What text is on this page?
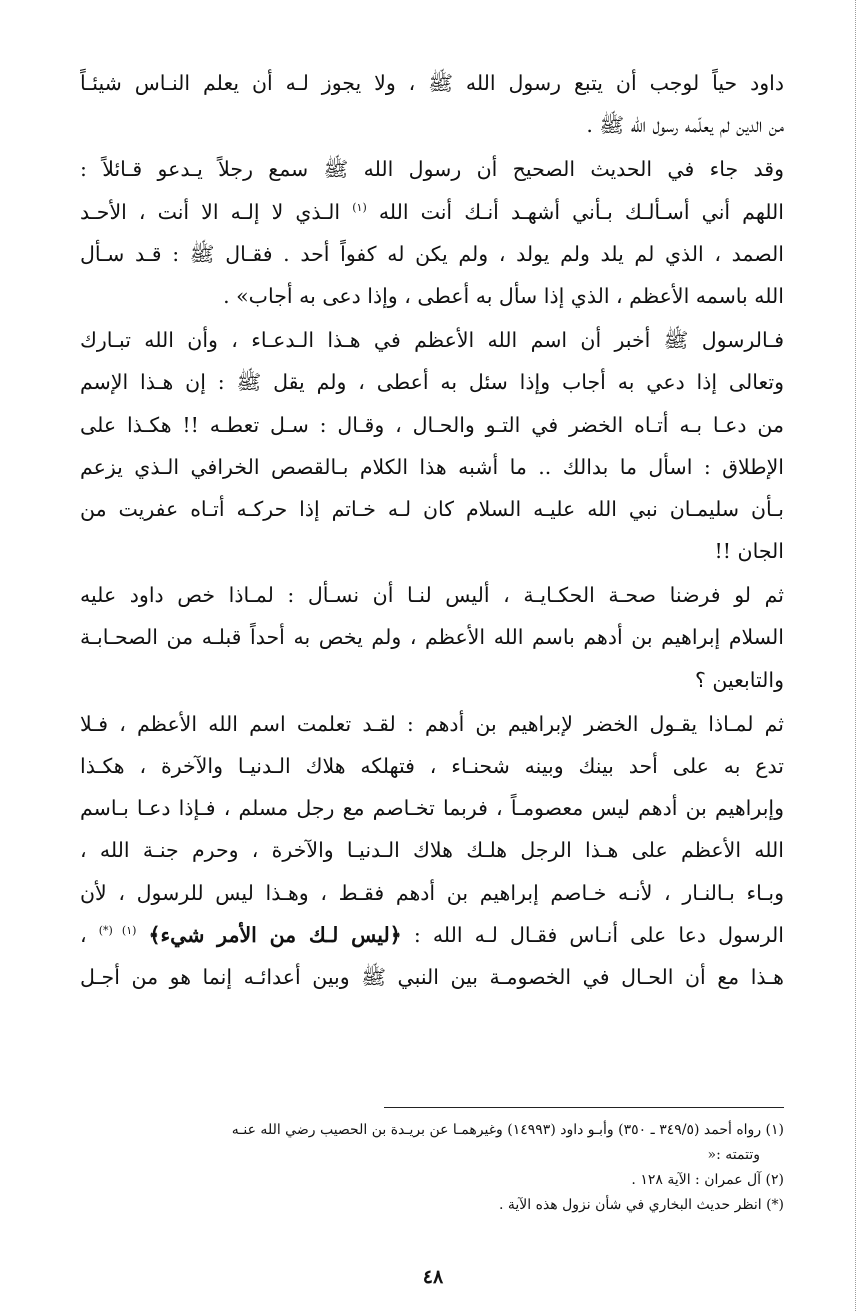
داود حياً لوجب أن يتبع رسول الله ﷺ ، ولا يجوز لـه أن يعلم النـاس شيئـاً
من الدين لم يعلّمه رسول الله ﷺ .
وقد جاء في الحديث الصحيح أن رسول الله ﷺ سمع رجلاً يـدعو قـائلاً :
اللهم أني أسـألـك بـأني أشهـد أنـك أنت الله $^{(١)}$ الـذي لا إلـه الا أنت ، الأحـد
الصمد ، الذي لم يلد ولم يولد ، ولم يكن له كفواً أحد . فقـال ﷺ : قـد سـأل
الله باسمه الأعظم ، الذي إذا سأل به أعطى ، وإذا دعى به أجاب» .
فـالرسول ﷺ أخبر أن اسم الله الأعظم في هـذا الـدعـاء ، وأن الله تبـارك
وتعالى إذا دعي به أجاب وإذا سئل به أعطى ، ولم يقل ﷺ : إن هـذا الإسم
من دعـا بـه أتـاه الخضر في التـو والحـال ، وقـال : سـل تعطـه !! هكـذا على
الإطلاق : اسأل ما بدالك .. ما أشبه هذا الكلام بـالقصص الخرافي الـذي يزعم
بـأن سليمـان نبي الله عليـه السلام كان لـه خـاتم إذا حركـه أتـاه عفريت من
الجان !!
ثم لو فرضنا صحـة الحكـايـة ، أليس لنـا أن نسـأل : لمـاذا خص داود عليه
السلام إبراهيم بن أدهم باسم الله الأعظم ، ولم يخص به أحداً قبلـه من الصحـابـة
والتابعين ؟
ثم لمـاذا يقـول الخضر لإبراهيم بن أدهم : لقـد تعلمت اسم الله الأعظم ، فـلا
تدع به على أحد بينك وبينه شحنـاء ، فتهلكه هلاك الـدنيـا والآخرة ، هكـذا
وإبراهيم بن أدهم ليس معصومـاً ، فربما تخـاصم مع رجل مسلم ، فـإذا دعـا بـاسم
الله الأعظم على هـذا الرجل هلـك هلاك الـدنيـا والآخرة ، وحرم جنـة الله ،
وبـاء بـالنـار ، لأنـه خـاصم إبراهيم بن أدهم فقـط ، وهـذا ليس للرسول ، لأن
الرسول دعا على أنـاس فقـال لـه الله : ﴿ليس لـك من الأمر شيء﴾ $^{(١) (*)}$ ،
هـذا مع أن الحـال في الخصومـة بين النبي ﷺ وبين أعدائـه إنما هو من أجـل
(١) رواه أحمد (٣٤٩/٥ ـ ٣٥٠) وأبـو داود (١٤٩٩٣) وغيرهمـا عن بريـدة بن الحصيب رضي الله عنـه
وتتمته :«
(٢) آل عمران : الآية ١٢٨ .
(*) انظر حديث البخاري في شأن نزول هذه الآية .
٤٨
